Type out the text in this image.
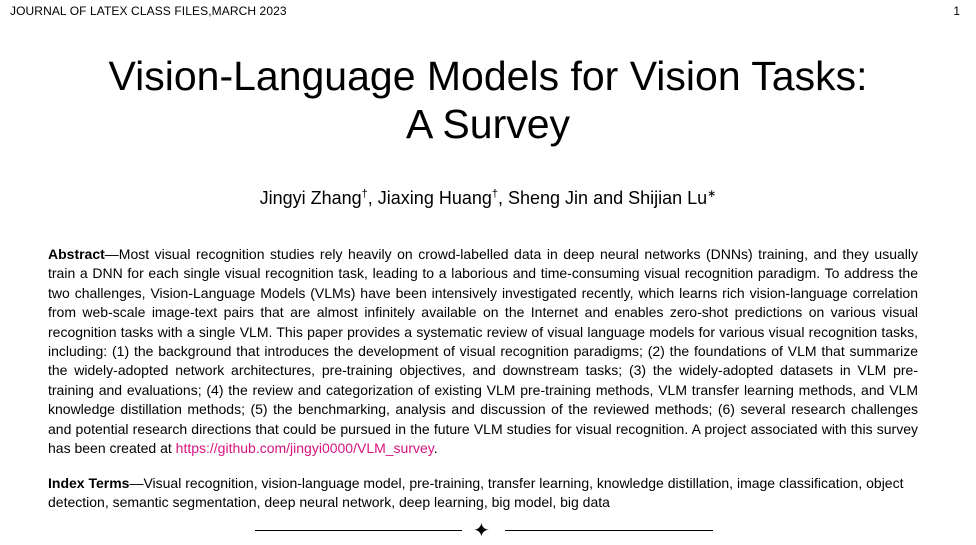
JOURNAL OF LATEX CLASS FILES,MARCH 2023	1
Vision-Language Models for Vision Tasks:
A Survey
Jingyi Zhang†, Jiaxing Huang†, Sheng Jin and Shijian Lu∗
Abstract—Most visual recognition studies rely heavily on crowd-labelled data in deep neural networks (DNNs) training, and they usually train a DNN for each single visual recognition task, leading to a laborious and time-consuming visual recognition paradigm. To address the two challenges, Vision-Language Models (VLMs) have been intensively investigated recently, which learns rich vision-language correlation from web-scale image-text pairs that are almost infinitely available on the Internet and enables zero-shot predictions on various visual recognition tasks with a single VLM. This paper provides a systematic review of visual language models for various visual recognition tasks, including: (1) the background that introduces the development of visual recognition paradigms; (2) the foundations of VLM that summarize the widely-adopted network architectures, pre-training objectives, and downstream tasks; (3) the widely-adopted datasets in VLM pre-training and evaluations; (4) the review and categorization of existing VLM pre-training methods, VLM transfer learning methods, and VLM knowledge distillation methods; (5) the benchmarking, analysis and discussion of the reviewed methods; (6) several research challenges and potential research directions that could be pursued in the future VLM studies for visual recognition. A project associated with this survey has been created at https://github.com/jingyi0000/VLM_survey.
Index Terms—Visual recognition, vision-language model, pre-training, transfer learning, knowledge distillation, image classification, object detection, semantic segmentation, deep neural network, deep learning, big model, big data
✦
